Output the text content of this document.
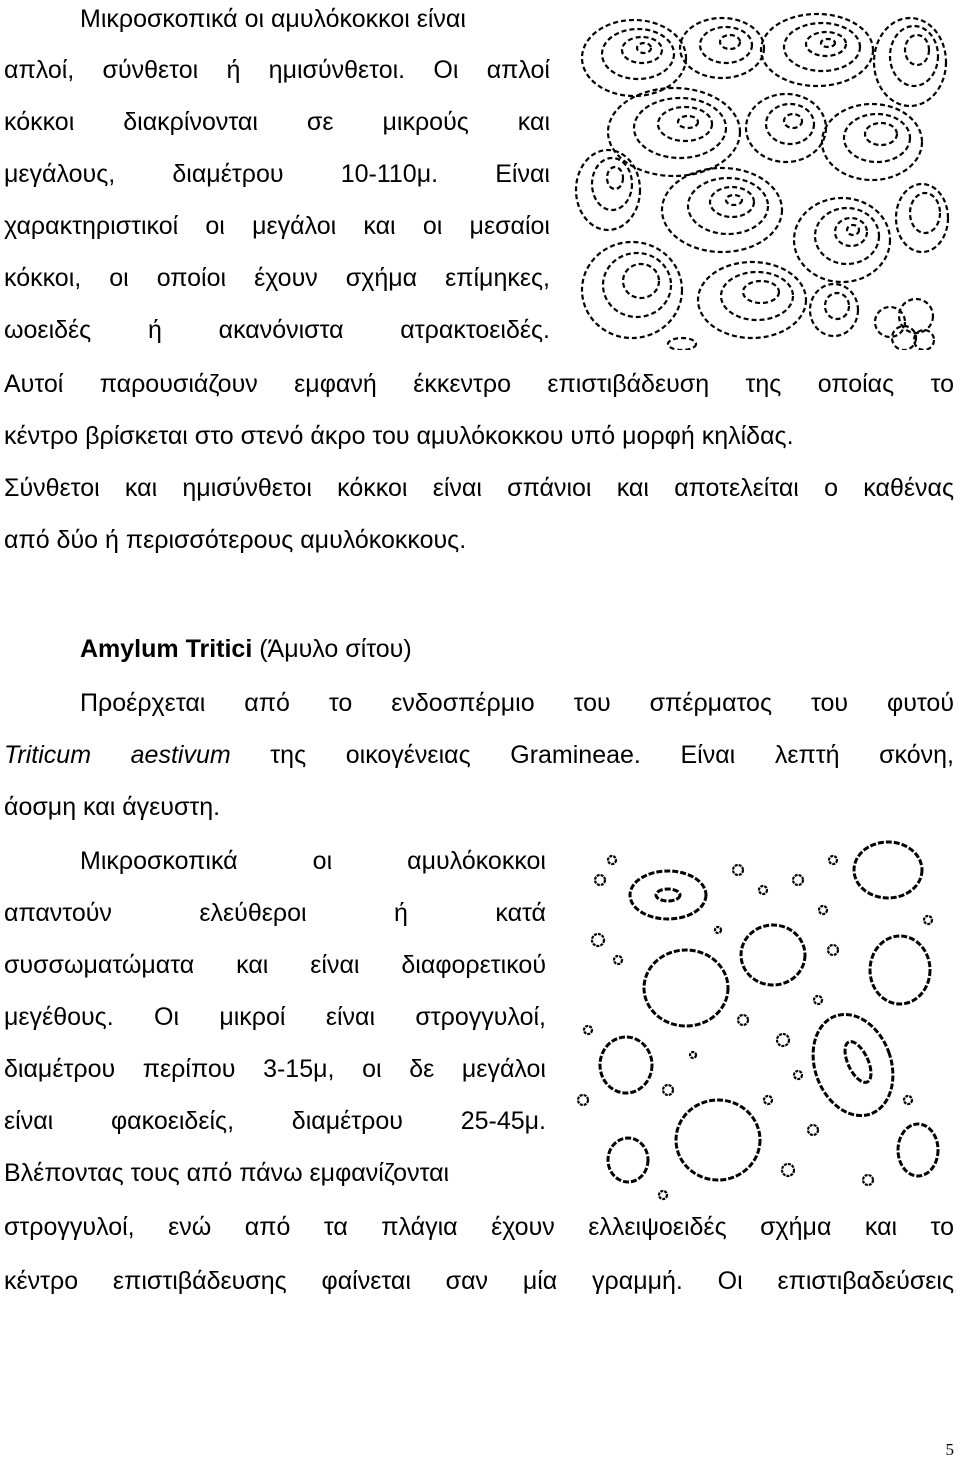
Μικροσκοπικά οι αμυλόκοκκοι είναι
απλοί, σύνθετοι ή ημισύνθετοι. Οι απλοί
κόκκοι διακρίνονται σε μικρούς και
μεγάλους, διαμέτρου 10-110μ. Είναι
χαρακτηριστικοί οι μεγάλοι και οι μεσαίοι
κόκκοι, οι οποίοι έχουν σχήμα επίμηκες,
ωοειδές ή ακανόνιστα ατρακτοειδές.
Αυτοί παρουσιάζουν εμφανή έκκεντρο επιστιβάδευση της οποίας το
κέντρο βρίσκεται στο στενό άκρο του αμυλόκοκκου υπό μορφή κηλίδας.
Σύνθετοι και ημισύνθετοι κόκκοι είναι σπάνιοι και αποτελείται ο καθένας
από δύο ή περισσότερους αμυλόκοκκους.
Amylum Tritici (Άμυλο σίτου)
Προέρχεται από το ενδοσπέρμιο του σπέρματος του φυτού
Triticum aestivum της οικογένειας Gramineae. Είναι λεπτή σκόνη,
άοσμη και άγευστη.
Μικροσκοπικά οι αμυλόκοκκοι
απαντούν ελεύθεροι ή κατά
συσσωματώματα και είναι διαφορετικού
μεγέθους. Οι μικροί είναι στρογγυλοί,
διαμέτρου περίπου 3-15μ, οι δε μεγάλοι
είναι φακοειδείς, διαμέτρου 25-45μ.
Βλέποντας τους από πάνω εμφανίζονται
στρογγυλοί, ενώ από τα πλάγια έχουν ελλειψοειδές σχήμα και το
κέντρο επιστιβάδευσης φαίνεται σαν μία γραμμή. Οι επιστιβαδεύσεις
5
